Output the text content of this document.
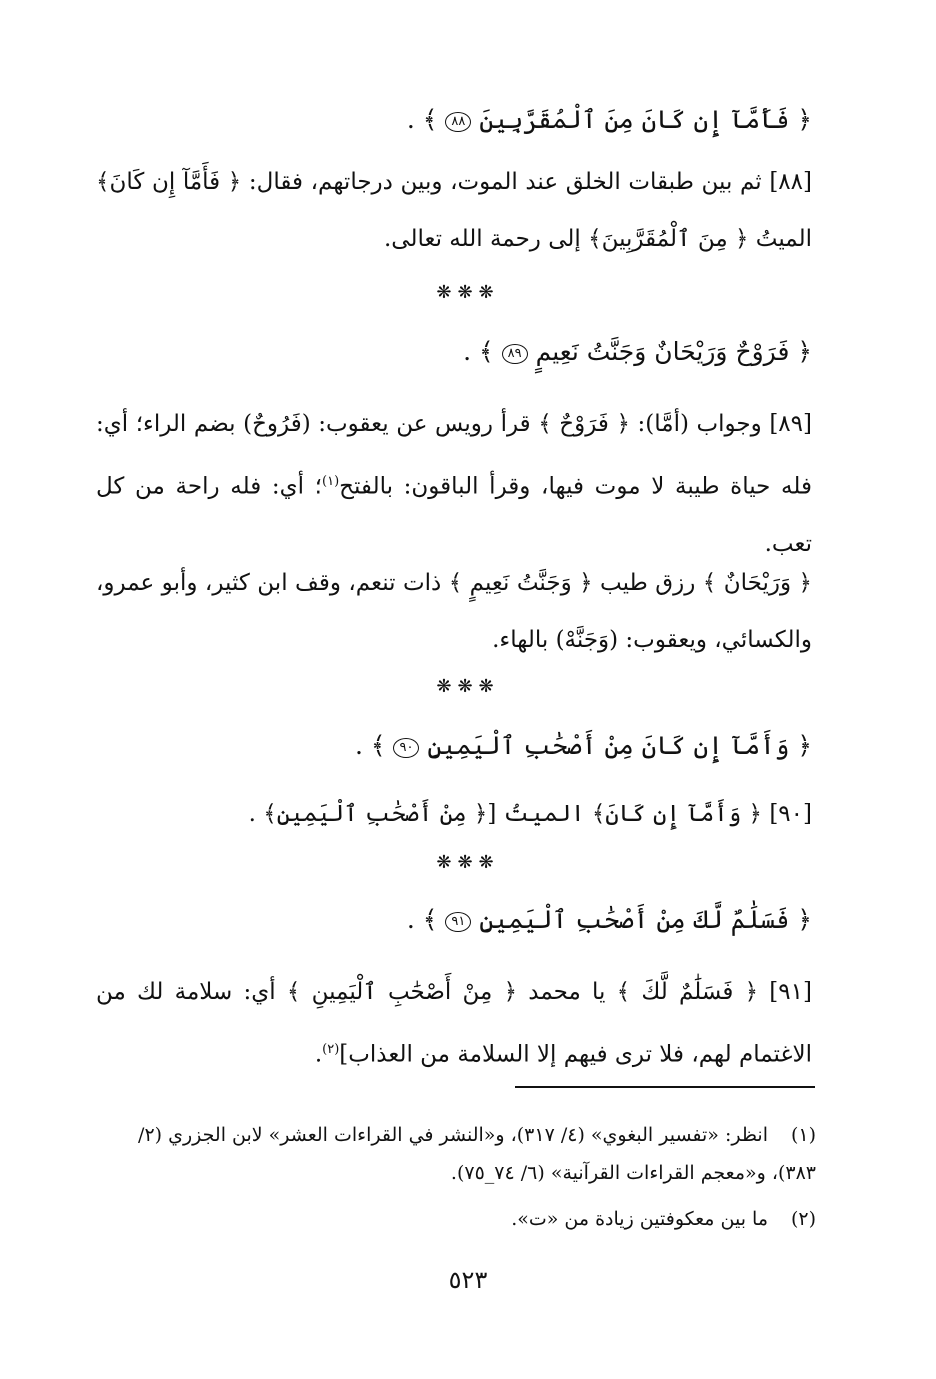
﴿ فَأَمَّآ إِن كَانَ مِنَ ٱلْمُقَرَّبِينَ ٨٨ ﴾ .
[٨٨] ثم بين طبقات الخلق عند الموت، وبين درجاتهم، فقال: ﴿ فَأَمَّآ إِن كَانَ﴾ الميتُ ﴿ مِنَ ٱلْمُقَرَّبِينَ﴾ إلى رحمة الله تعالى.
❋❋❋
﴿ فَرَوْحٌ وَرَيْحَانٌ وَجَنَّتُ نَعِيمٍ ٨٩ ﴾ .
[٨٩] وجواب (أمَّا): ﴿ فَرَوْحٌ ﴾ قرأ رويس عن يعقوب: (فَرُوحٌ) بضم الراء؛ أي: فله حياة طيبة لا موت فيها، وقرأ الباقون: بالفتح$^{(١)}$؛ أي: فله راحة من كل تعب.
﴿ وَرَيْحَانٌ ﴾ رزق طيب ﴿ وَجَنَّتُ نَعِيمٍ ﴾ ذات تنعم، وقف ابن كثير، وأبو عمرو، والكسائي، ويعقوب: (وَجَنَّهْ) بالهاء.
❋❋❋
﴿ وَأَمَّآ إِن كَانَ مِنْ أَصْحَٰبِ ٱلْيَمِينِ ٩٠ ﴾ .
[٩٠] ﴿ وَأَمَّآ إِن كَانَ﴾ الميتُ [﴿ مِنْ أَصْحَٰبِ ٱلْيَمِينِ﴾ .
❋❋❋
﴿ فَسَلَٰمٌ لَّكَ مِنْ أَصْحَٰبِ ٱلْيَمِينِ ٩١ ﴾ .
[٩١] ﴿ فَسَلَٰمٌ لَّكَ ﴾ يا محمد ﴿ مِنْ أَصْحَٰبِ ٱلْيَمِينِ ﴾ أي: سلامة لك من الاغتمام لهم، فلا ترى فيهم إلا السلامة من العذاب]$^{(٢)}$.
(١)انظر: «تفسير البغوي» (٤/ ٣١٧)، و«النشر في القراءات العشر» لابن الجزري (٢/ ٣٨٣)، و«معجم القراءات القرآنية» (٦/ ٧٤_٧٥).
(٢)ما بين معكوفتين زيادة من «ت».
٥٢٣
